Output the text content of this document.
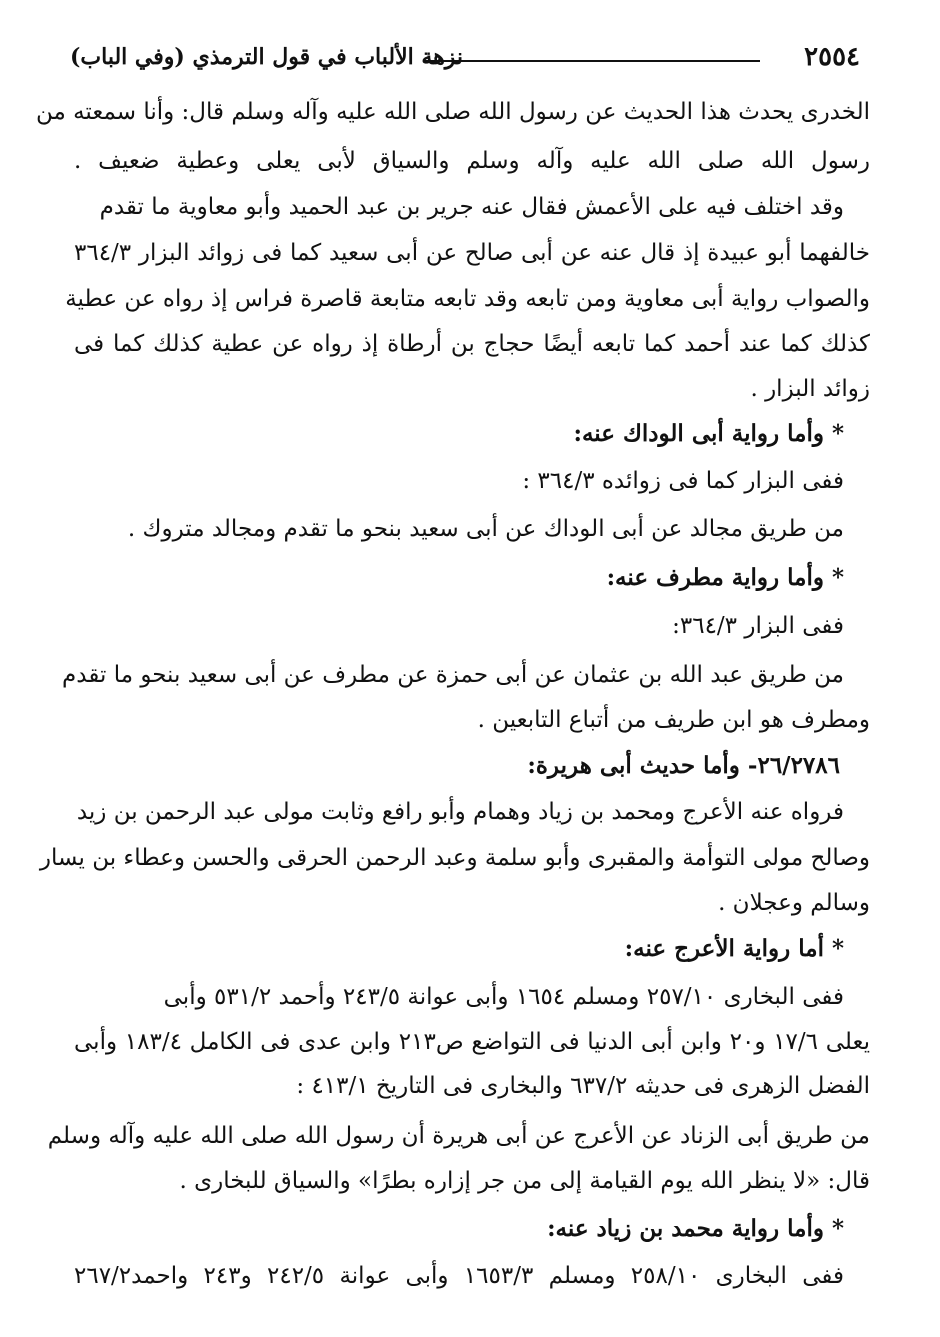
٢٥٥٤
نزهة الألباب في قول الترمذي (وفي الباب)
الخدرى يحدث هذا الحديث عن رسول الله صلى الله عليه وآله وسلم قال: وأنا سمعته من
رسول الله صلى الله عليه وآله وسلم والسياق لأبى يعلى وعطية ضعيف .
وقد اختلف فيه على الأعمش فقال عنه جرير بن عبد الحميد وأبو معاوية ما تقدم
خالفهما أبو عبيدة إذ قال عنه عن أبى صالح عن أبى سعيد كما فى زوائد البزار ٣٦٤/٣
والصواب رواية أبى معاوية ومن تابعه وقد تابعه متابعة قاصرة فراس إذ رواه عن عطية
كذلك كما عند أحمد كما تابعه أيضًا حجاج بن أرطاة إذ رواه عن عطية كذلك كما فى
زوائد البزار .
* وأما رواية أبى الوداك عنه:
ففى البزار كما فى زوائده ٣٦٤/٣ :
من طريق مجالد عن أبى الوداك عن أبى سعيد بنحو ما تقدم ومجالد متروك .
* وأما رواية مطرف عنه:
ففى البزار ٣٦٤/٣:
من طريق عبد الله بن عثمان عن أبى حمزة عن مطرف عن أبى سعيد بنحو ما تقدم
ومطرف هو ابن طريف من أتباع التابعين .
٢٦/٢٧٨٦- وأما حديث أبى هريرة:
فرواه عنه الأعرج ومحمد بن زياد وهمام وأبو رافع وثابت مولى عبد الرحمن بن زيد
وصالح مولى التوأمة والمقبرى وأبو سلمة وعبد الرحمن الحرقى والحسن وعطاء بن يسار
وسالم وعجلان .
* أما رواية الأعرج عنه:
ففى البخارى ٢٥٧/١٠ ومسلم ١٦٥٤ وأبى عوانة ٢٤٣/٥ وأحمد ٥٣١/٢ وأبى
يعلى ١٧/٦ و٢٠ وابن أبى الدنيا فى التواضع ص٢١٣ وابن عدى فى الكامل ١٨٣/٤ وأبى
الفضل الزهرى فى حديثه ٦٣٧/٢ والبخارى فى التاريخ ٤١٣/١ :
من طريق أبى الزناد عن الأعرج عن أبى هريرة أن رسول الله صلى الله عليه وآله وسلم
قال: «لا ينظر الله يوم القيامة إلى من جر إزاره بطرًا» والسياق للبخارى .
* وأما رواية محمد بن زياد عنه:
ففى البخارى ٢٥٨/١٠ ومسلم ١٦٥٣/٣ وأبى عوانة ٢٤٢/٥ و٢٤٣ واحمد٢٦٧/٢
